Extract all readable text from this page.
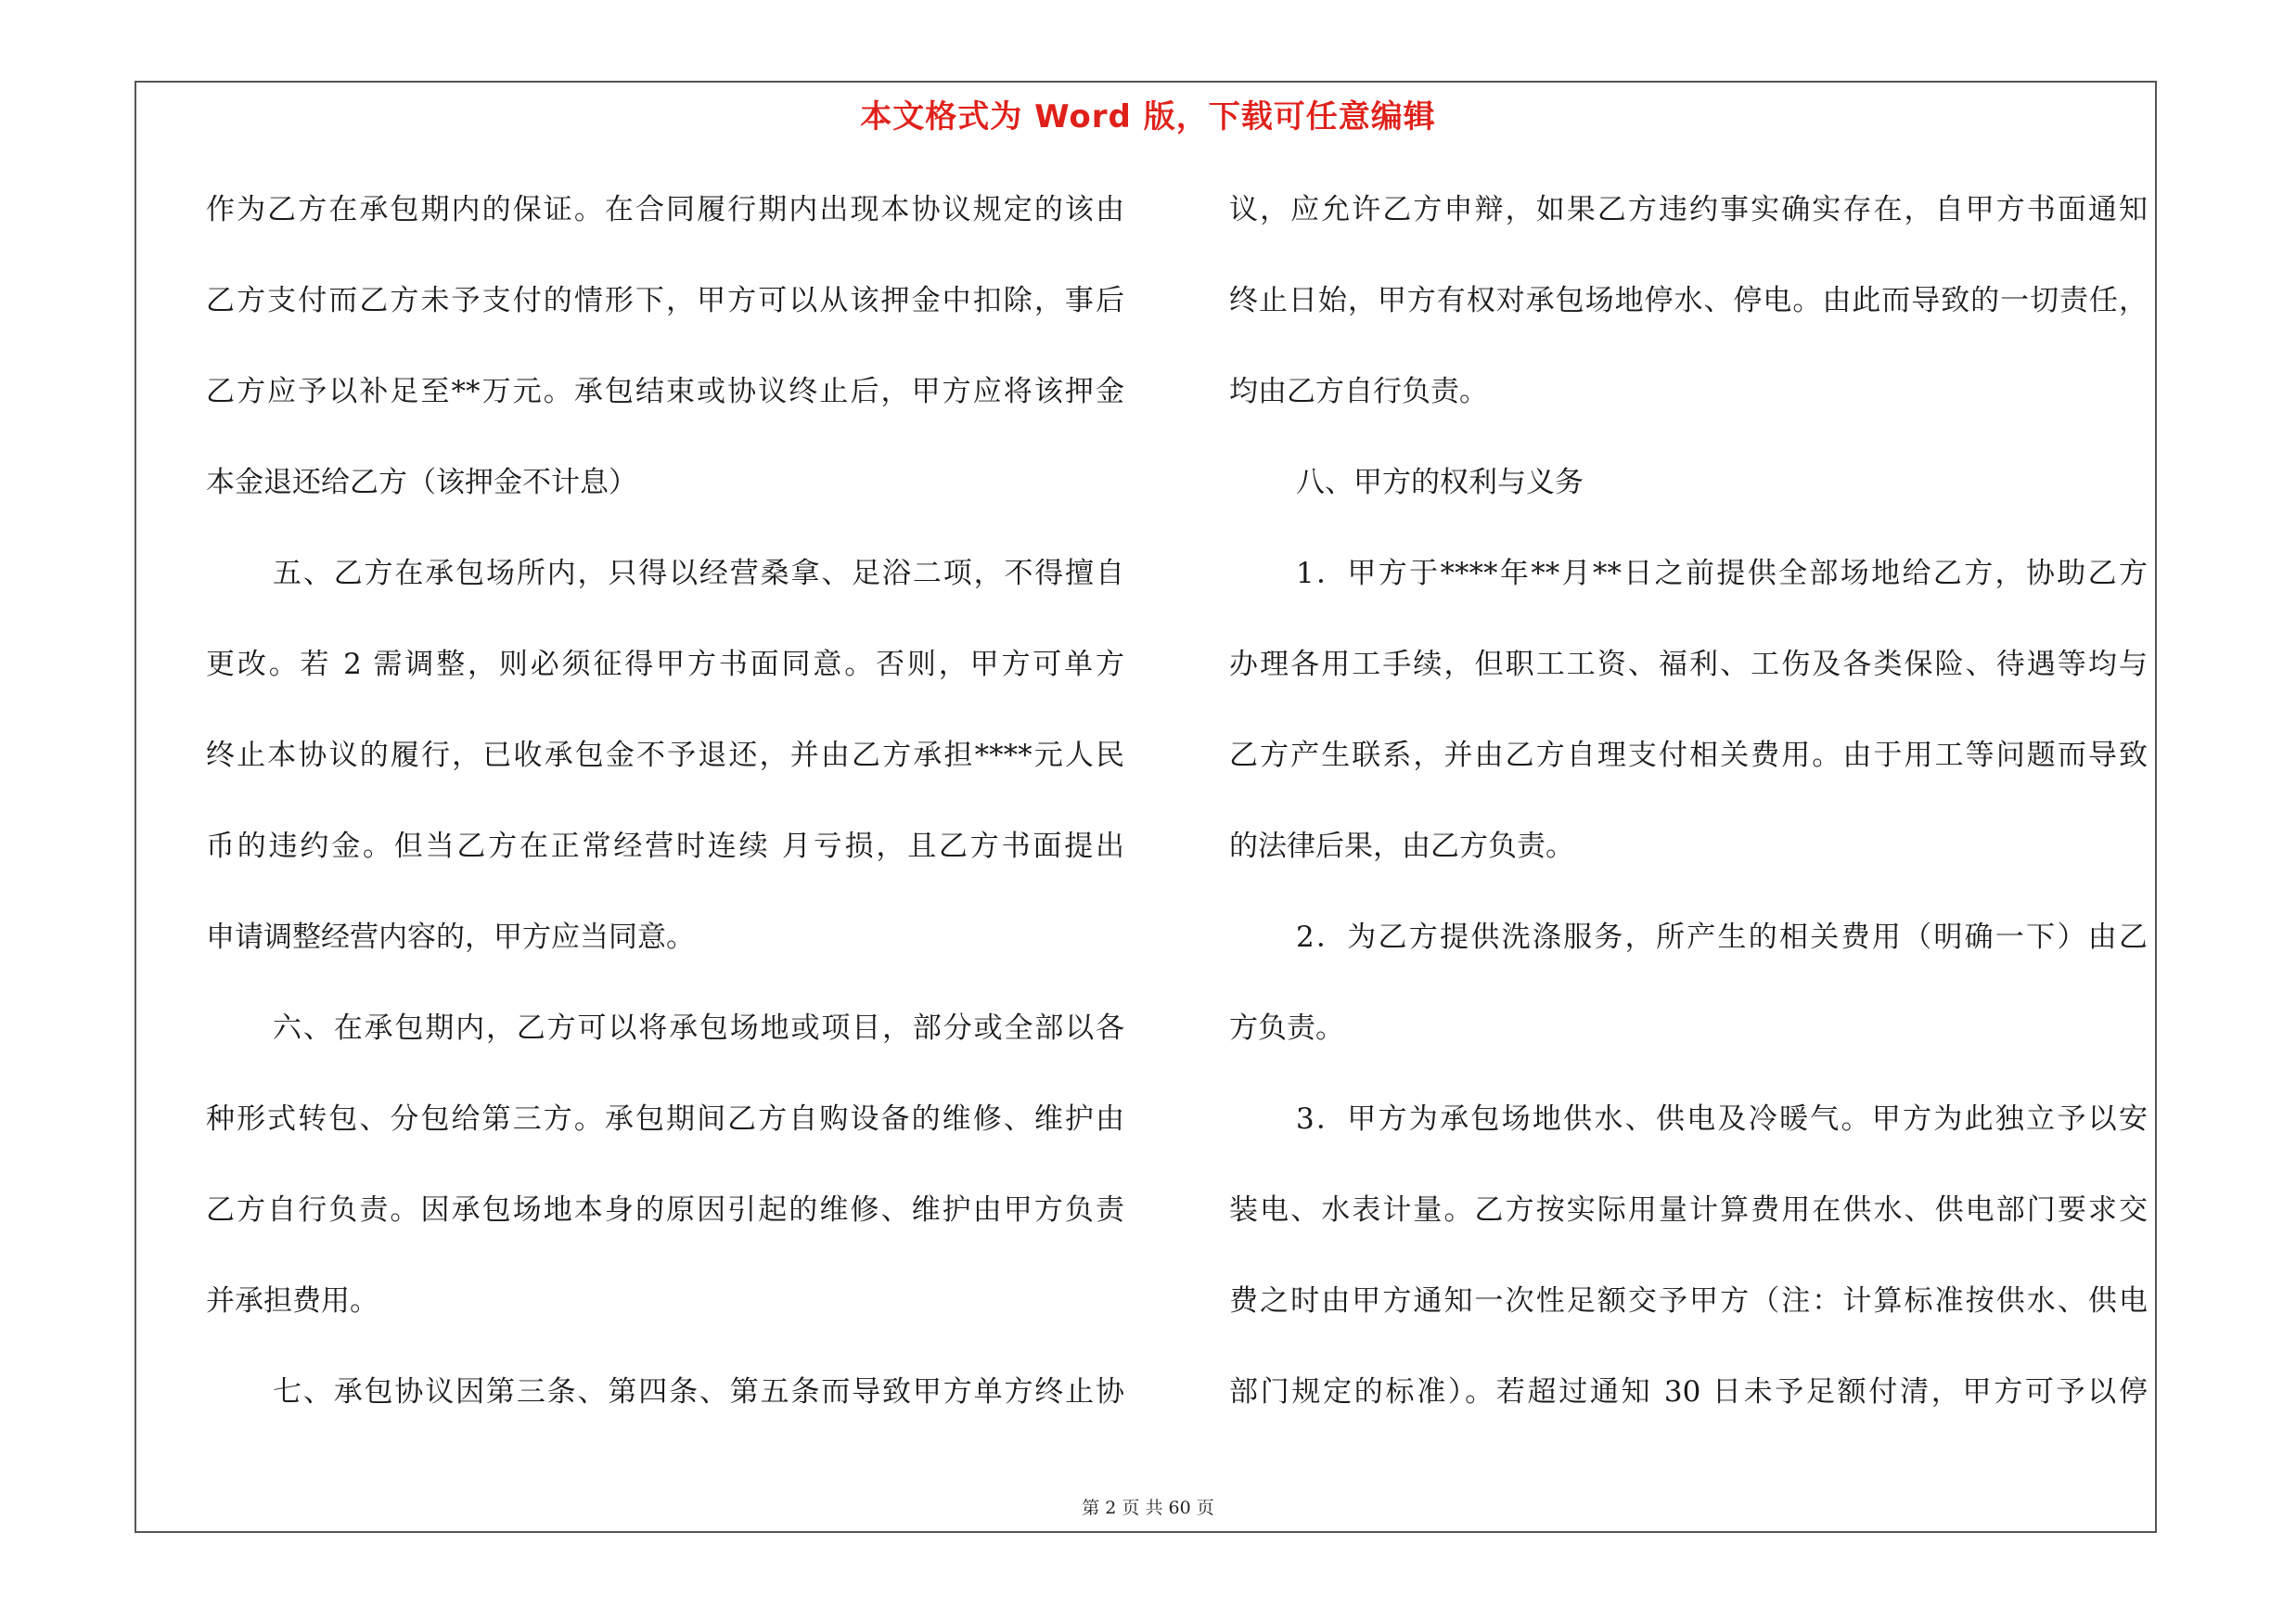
本文格式为 Word 版，下载可任意编辑
作为乙方在承包期内的保证。在合同履行期内出现本协议规定的该由
乙方支付而乙方未予支付的情形下，甲方可以从该押金中扣除，事后
乙方应予以补足至**万元。承包结束或协议终止后，甲方应将该押金
本金退还给乙方（该押金不计息）
五、乙方在承包场所内，只得以经营桑拿、足浴二项，不得擅自
更改。若 2 需调整，则必须征得甲方书面同意。否则，甲方可单方
终止本协议的履行，已收承包金不予退还，并由乙方承担****元人民
币的违约金。但当乙方在正常经营时连续 月亏损，且乙方书面提出
申请调整经营内容的，甲方应当同意。
六、在承包期内，乙方可以将承包场地或项目，部分或全部以各
种形式转包、分包给第三方。承包期间乙方自购设备的维修、维护由
乙方自行负责。因承包场地本身的原因引起的维修、维护由甲方负责
并承担费用。
七、承包协议因第三条、第四条、第五条而导致甲方单方终止协
议，应允许乙方申辩，如果乙方违约事实确实存在，自甲方书面通知
终止日始，甲方有权对承包场地停水、停电。由此而导致的一切责任，
均由乙方自行负责。
八、甲方的权利与义务
1．甲方于****年**月**日之前提供全部场地给乙方，协助乙方
办理各用工手续，但职工工资、福利、工伤及各类保险、待遇等均与
乙方产生联系，并由乙方自理支付相关费用。由于用工等问题而导致
的法律后果，由乙方负责。
2．为乙方提供洗涤服务，所产生的相关费用（明确一下）由乙
方负责。
3．甲方为承包场地供水、供电及冷暖气。甲方为此独立予以安
装电、水表计量。乙方按实际用量计算费用在供水、供电部门要求交
费之时由甲方通知一次性足额交予甲方（注：计算标准按供水、供电
部门规定的标准）。若超过通知 30 日未予足额付清，甲方可予以停
第 2 页 共 60 页
